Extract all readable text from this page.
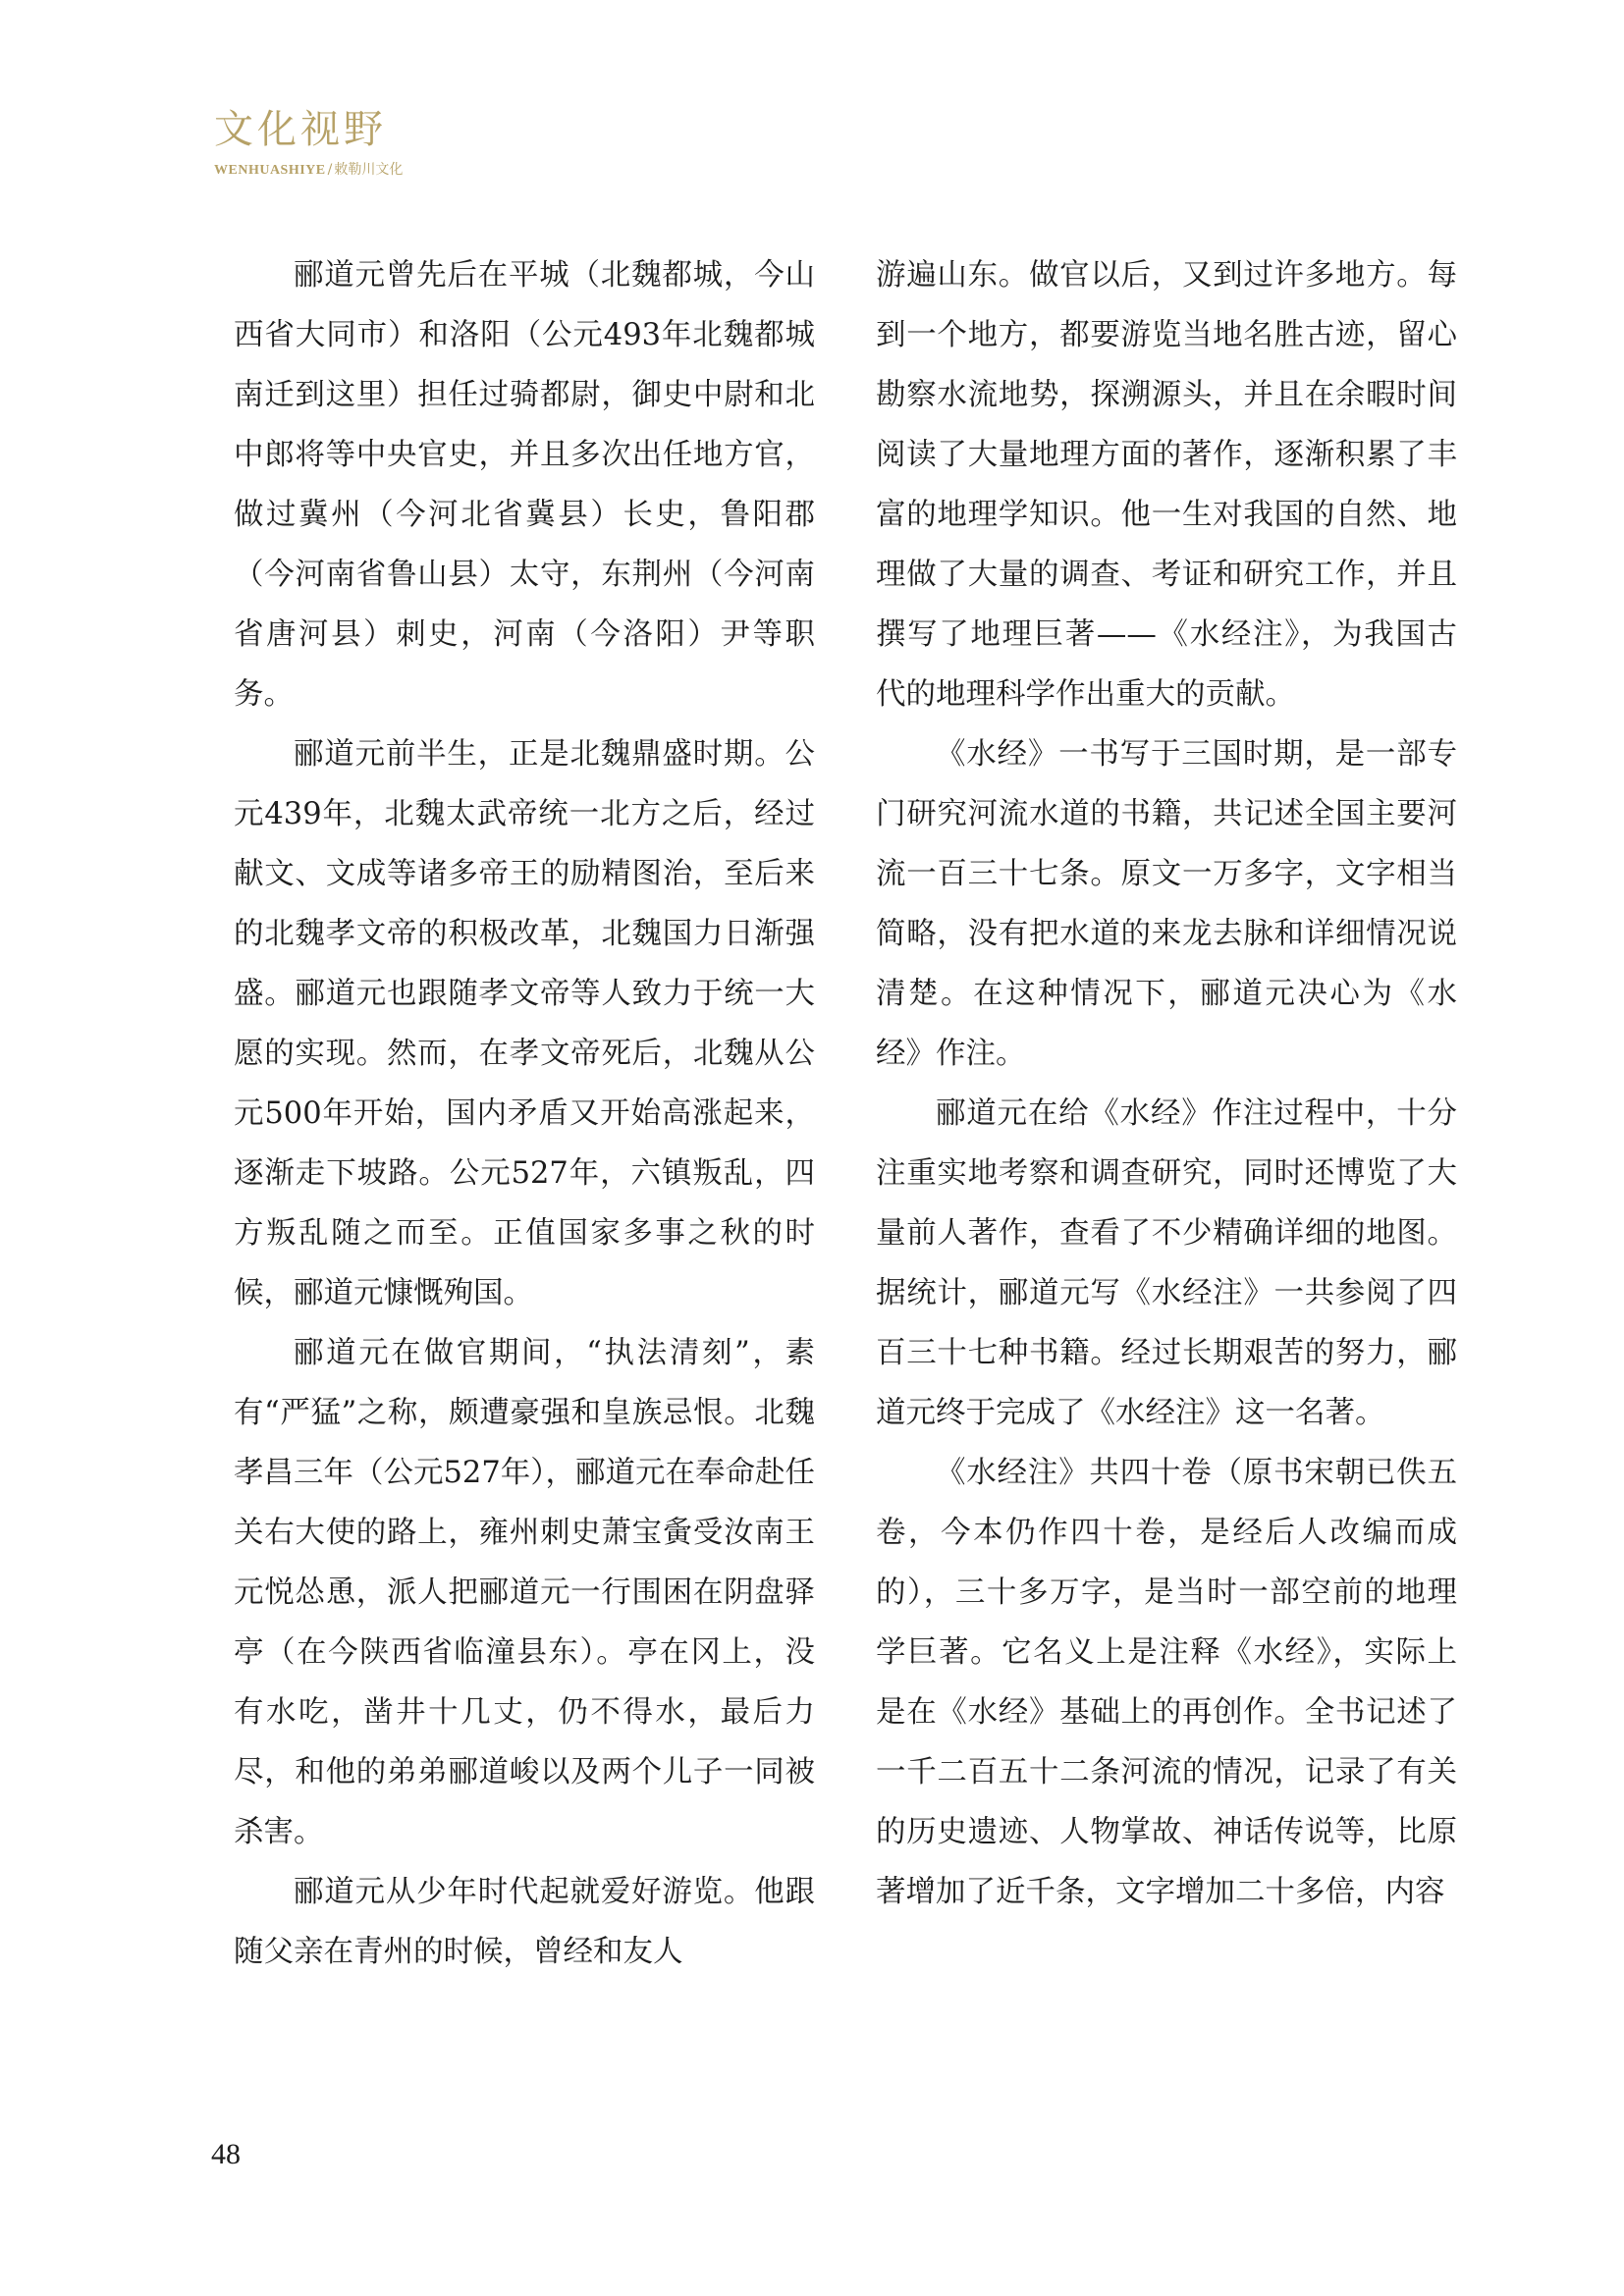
文化视野
WENHUASHIYE / 敕勒川文化

郦道元曾先后在平城（北魏都城，今山西省大同市）和洛阳（公元493年北魏都城南迁到这里）担任过骑都尉，御史中尉和北中郎将等中央官史，并且多次出任地方官，做过冀州（今河北省冀县）长史，鲁阳郡（今河南省鲁山县）太守，东荆州（今河南省唐河县）刺史，河南（今洛阳）尹等职务。

郦道元前半生，正是北魏鼎盛时期。公元439年，北魏太武帝统一北方之后，经过献文、文成等诸多帝王的励精图治，至后来的北魏孝文帝的积极改革，北魏国力日渐强盛。郦道元也跟随孝文帝等人致力于统一大愿的实现。然而，在孝文帝死后，北魏从公元500年开始，国内矛盾又开始高涨起来，逐渐走下坡路。公元527年，六镇叛乱，四方叛乱随之而至。正值国家多事之秋的时候，郦道元慷慨殉国。

郦道元在做官期间，“执法清刻”，素有“严猛”之称，颇遭豪强和皇族忌恨。北魏孝昌三年（公元527年），郦道元在奉命赴任关右大使的路上，雍州刺史萧宝夤受汝南王元悦怂恿，派人把郦道元一行围困在阴盘驿亭（在今陕西省临潼县东）。亭在冈上，没有水吃，凿井十几丈，仍不得水，最后力尽，和他的弟弟郦道峻以及两个儿子一同被杀害。

郦道元从少年时代起就爱好游览。他跟随父亲在青州的时候，曾经和友人

游遍山东。做官以后，又到过许多地方。每到一个地方，都要游览当地名胜古迹，留心勘察水流地势，探溯源头，并且在余暇时间阅读了大量地理方面的著作，逐渐积累了丰富的地理学知识。他一生对我国的自然、地理做了大量的调查、考证和研究工作，并且撰写了地理巨著——《水经注》，为我国古代的地理科学作出重大的贡献。

《水经》一书写于三国时期，是一部专门研究河流水道的书籍，共记述全国主要河流一百三十七条。原文一万多字，文字相当简略，没有把水道的来龙去脉和详细情况说清楚。在这种情况下，郦道元决心为《水经》作注。

郦道元在给《水经》作注过程中，十分注重实地考察和调查研究，同时还博览了大量前人著作，查看了不少精确详细的地图。据统计，郦道元写《水经注》一共参阅了四百三十七种书籍。经过长期艰苦的努力，郦道元终于完成了《水经注》这一名著。

《水经注》共四十卷（原书宋朝已佚五卷，今本仍作四十卷，是经后人改编而成的），三十多万字，是当时一部空前的地理学巨著。它名义上是注释《水经》，实际上是在《水经》基础上的再创作。全书记述了一千二百五十二条河流的情况，记录了有关的历史遗迹、人物掌故、神话传说等，比原著增加了近千条，文字增加二十多倍，内容

48
